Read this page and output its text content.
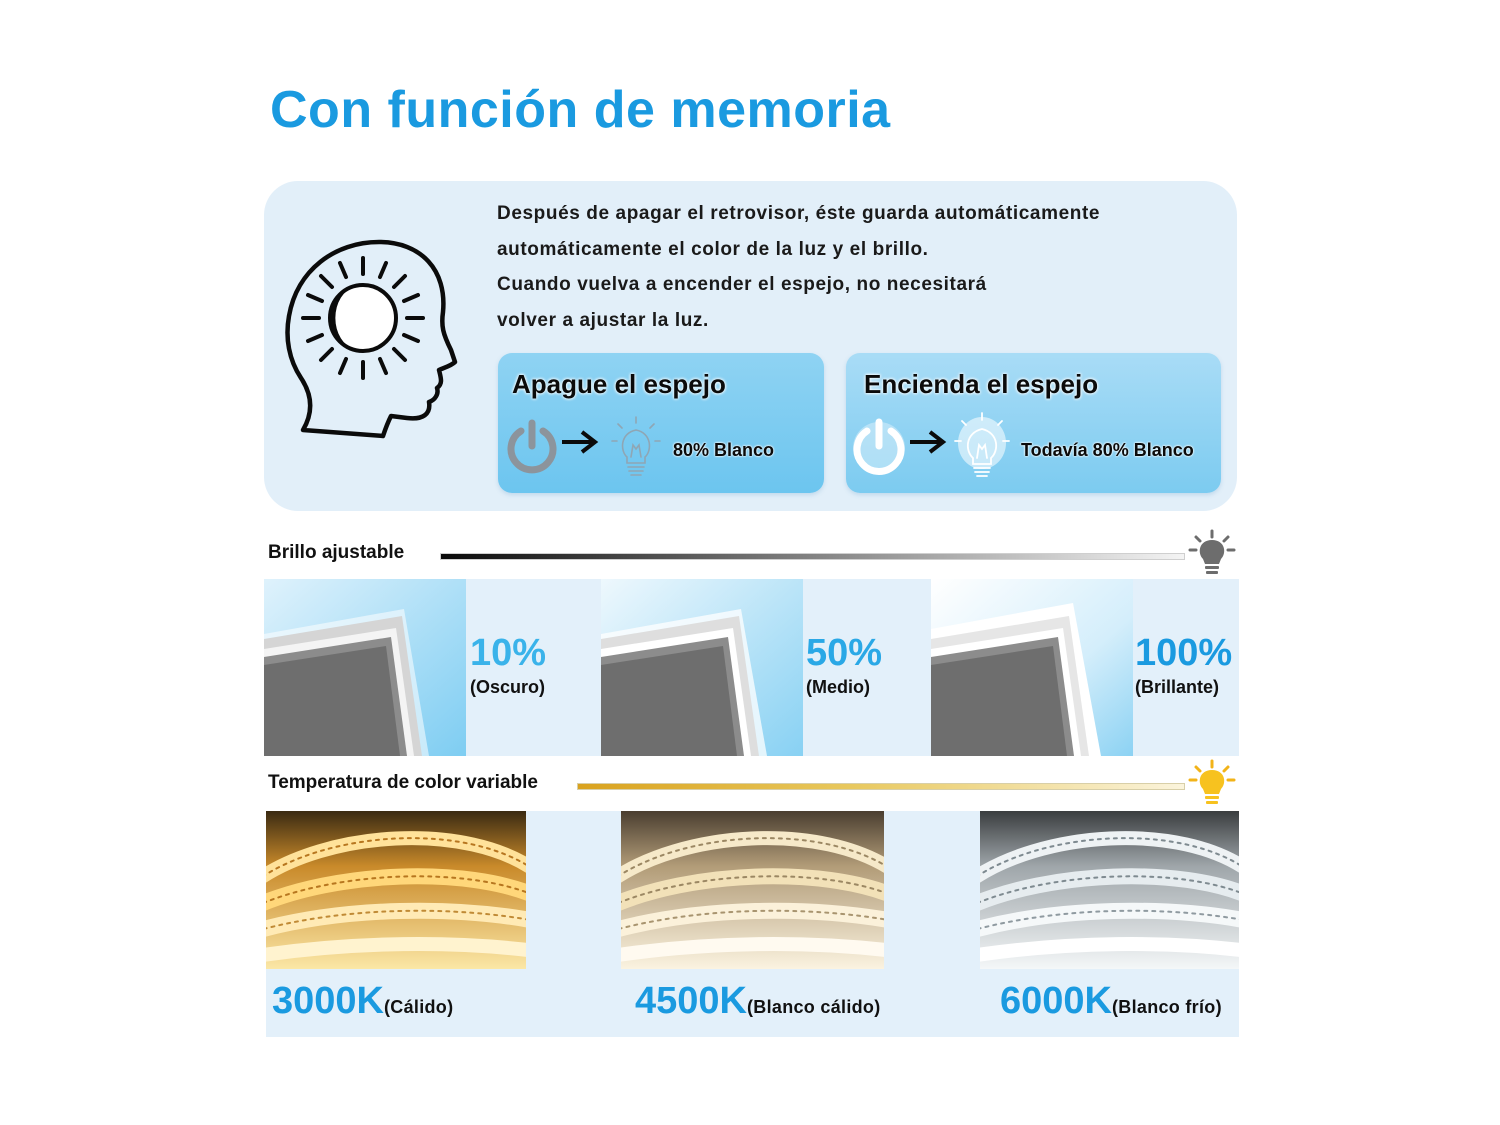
Con función de memoria
Después de apagar el retrovisor, éste guarda automáticamente
automáticamente el color de la luz y el brillo.
Cuando vuelva a encender el espejo, no necesitará
volver a ajustar la luz.
Apague el espejo
80% Blanco
Encienda el espejo
Todavía 80% Blanco
Brillo ajustable
10%
(Oscuro)
50%
(Medio)
100%
(Brillante)
Temperatura de color variable
3000K(Cálido)	4500K(Blanco cálido)	6000K(Blanco frío)
